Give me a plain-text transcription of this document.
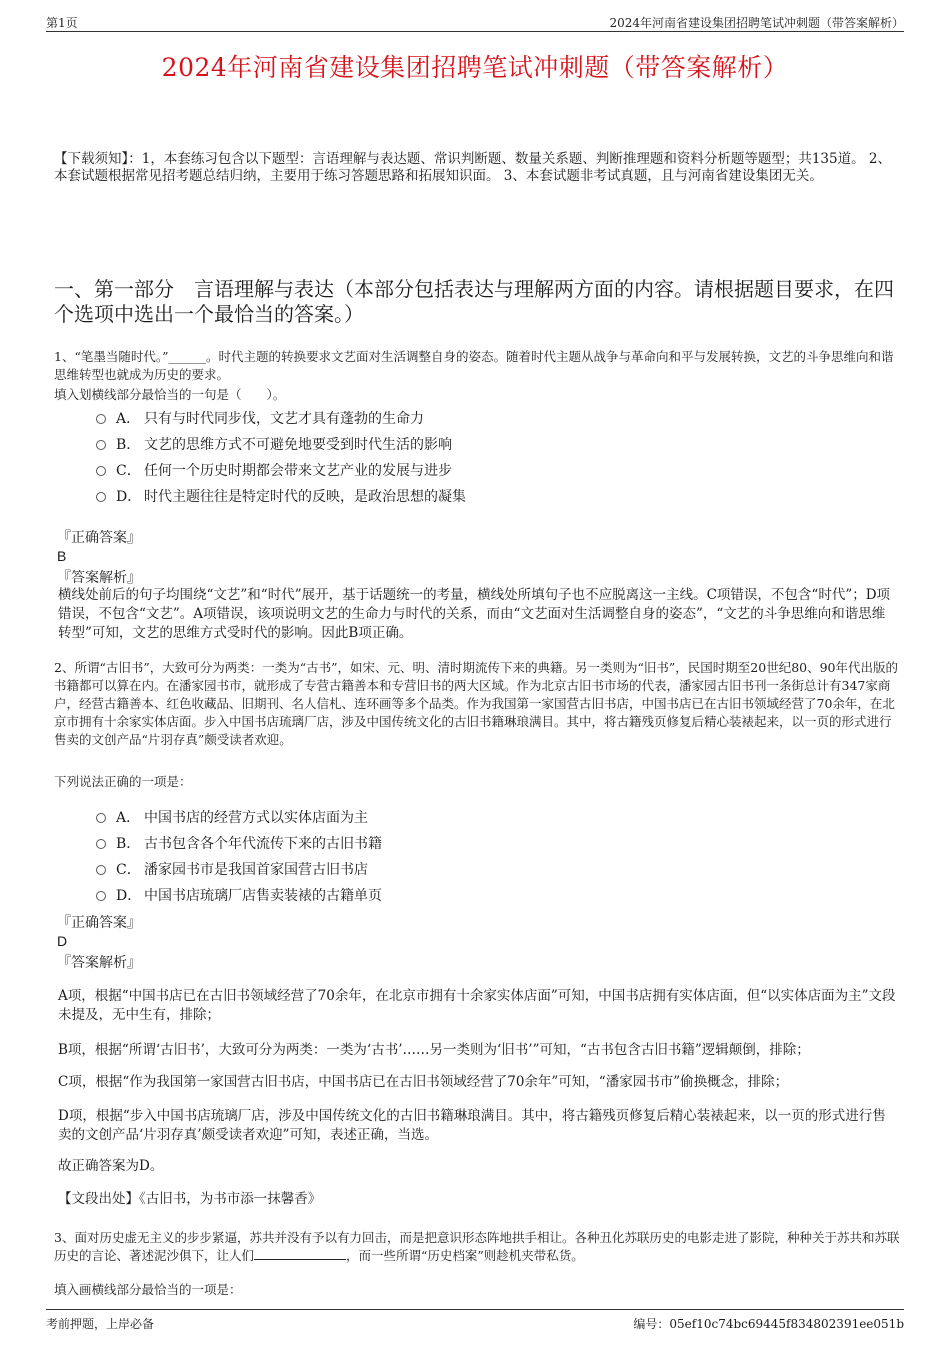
第1页	2024年河南省建设集团招聘笔试冲刺题（带答案解析）
2024年河南省建设集团招聘笔试冲刺题（带答案解析）
【下载须知】：1，本套练习包含以下题型：言语理解与表达题、常识判断题、数量关系题、判断推理题和资料分析题等题型；共135道。 2、本套试题根据常见招考题总结归纳，主要用于练习答题思路和拓展知识面。 3、本套试题非考试真题，且与河南省建设集团无关。
一、第一部分　言语理解与表达（本部分包括表达与理解两方面的内容。请根据题目要求，在四个选项中选出一个最恰当的答案。）
1、“笔墨当随时代。”______。时代主题的转换要求文艺面对生活调整自身的姿态。随着时代主题从战争与革命向和平与发展转换，文艺的斗争思维向和谐思维转型也就成为历史的要求。
填入划横线部分最恰当的一句是（　　）。
A． 只有与时代同步伐，文艺才具有蓬勃的生命力
B． 文艺的思维方式不可避免地要受到时代生活的影响
C． 任何一个历史时期都会带来文艺产业的发展与进步
D． 时代主题往往是特定时代的反映，是政治思想的凝集
『正确答案』
B
『答案解析』
横线处前后的句子均围绕“文艺”和“时代”展开，基于话题统一的考量，横线处所填句子也不应脱离这一主线。C项错误，不包含“时代”；D项错误，不包含“文艺”。A项错误，该项说明文艺的生命力与时代的关系，而由“文艺面对生活调整自身的姿态”，“文艺的斗争思维向和谐思维转型”可知，文艺的思维方式受时代的影响。因此B项正确。
2、所谓“古旧书”，大致可分为两类：一类为“古书”，如宋、元、明、清时期流传下来的典籍。另一类则为“旧书”，民国时期至20世纪80、90年代出版的书籍都可以算在内。在潘家园书市，就形成了专营古籍善本和专营旧书的两大区域。作为北京古旧书市场的代表，潘家园古旧书刊一条街总计有347家商户，经营古籍善本、红色收藏品、旧期刊、名人信札、连环画等多个品类。作为我国第一家国营古旧书店，中国书店已在古旧书领域经营了70余年，在北京市拥有十余家实体店面。步入中国书店琉璃厂店，涉及中国传统文化的古旧书籍琳琅满目。其中，将古籍残页修复后精心装裱起来，以一页的形式进行售卖的文创产品“片羽存真”颇受读者欢迎。
下列说法正确的一项是：
A． 中国书店的经营方式以实体店面为主
B． 古书包含各个年代流传下来的古旧书籍
C． 潘家园书市是我国首家国营古旧书店
D． 中国书店琉璃厂店售卖装裱的古籍单页
『正确答案』
D
『答案解析』
A项，根据“中国书店已在古旧书领域经营了70余年，在北京市拥有十余家实体店面”可知，中国书店拥有实体店面，但“以实体店面为主”文段未提及，无中生有，排除；
B项，根据“所谓‘古旧书’，大致可分为两类：一类为‘古书’……另一类则为‘旧书’”可知，“古书包含古旧书籍”逻辑颠倒，排除；
C项，根据“作为我国第一家国营古旧书店，中国书店已在古旧书领域经营了70余年”可知，“潘家园书市”偷换概念，排除；
D项，根据“步入中国书店琉璃厂店，涉及中国传统文化的古旧书籍琳琅满目。其中，将古籍残页修复后精心装裱起来，以一页的形式进行售卖的文创产品‘片羽存真’颇受读者欢迎”可知，表述正确，当选。
故正确答案为D。
【文段出处】《古旧书，为书市添一抹馨香》
3、面对历史虚无主义的步步紧逼，苏共并没有予以有力回击，而是把意识形态阵地拱手相让。各种丑化苏联历史的电影走进了影院，种种关于苏共和苏联历史的言论、著述泥沙俱下，让人们	，而一些所谓“历史档案”则趁机夹带私货。
填入画横线部分最恰当的一项是：
考前押题，上岸必备	编号：05ef10c74bc69445f834802391ee051b
